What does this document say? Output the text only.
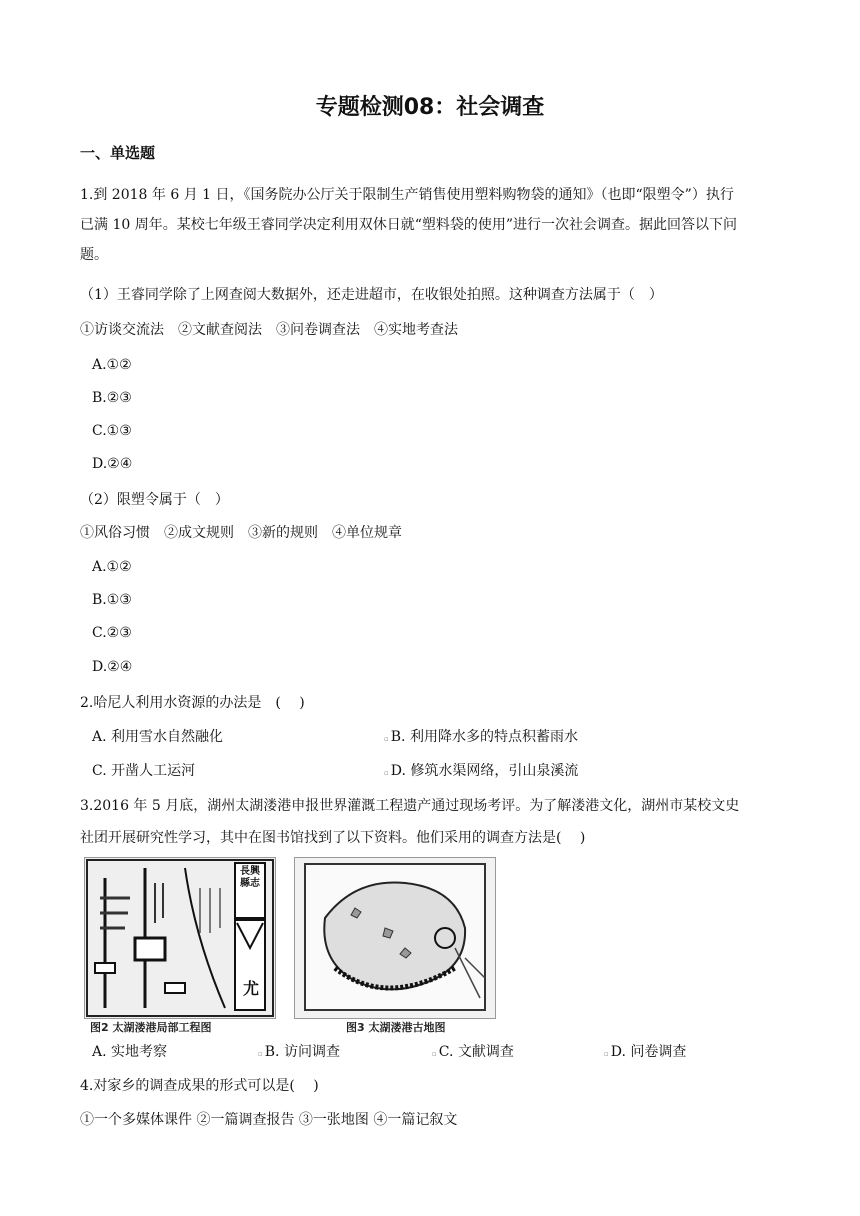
专题检测08：社会调查
一、单选题
1.到 2018 年 6 月 1 日，《国务院办公厅关于限制生产销售使用塑料购物袋的通知》（也即“限塑令”）执行
已满 10 周年。某校七年级王睿同学决定利用双休日就“塑料袋的使用”进行一次社会调查。据此回答以下问
题。
（1）王睿同学除了上网查阅大数据外，还走进超市，在收银处拍照。这种调查方法属于（　）
①访谈交流法　②文献查阅法　③问卷调查法　④实地考查法
A.①②
B.②③
C.①③
D.②④
（2）限塑令属于（　）
①风俗习惯　②成文规则　③新的规则　④单位规章
A.①②
B.①③
C.②③
D.②④
2.哈尼人利用水资源的办法是　(　 )
A. 利用雪水自然融化	▫ B. 利用降水多的特点积蓄雨水
C. 开凿人工运河	▫ D. 修筑水渠网络，引山泉溪流
3.2016 年 5 月底，湖州太湖溇港申报世界灌溉工程遗产通过现场考评。为了解溇港文化，湖州市某校文史
社团开展研究性学习，其中在图书馆找到了以下资料。他们采用的调查方法是(　 )
長興縣志
尤
图2 太湖溇港局部工程图	图3 太湖溇港古地图
A. 实地考察	▫ B. 访问调查	▫ C. 文献调查	▫ D. 问卷调查
4.对家乡的调查成果的形式可以是(　 )
①一个多媒体课件 ②一篇调查报告 ③一张地图 ④一篇记叙文
